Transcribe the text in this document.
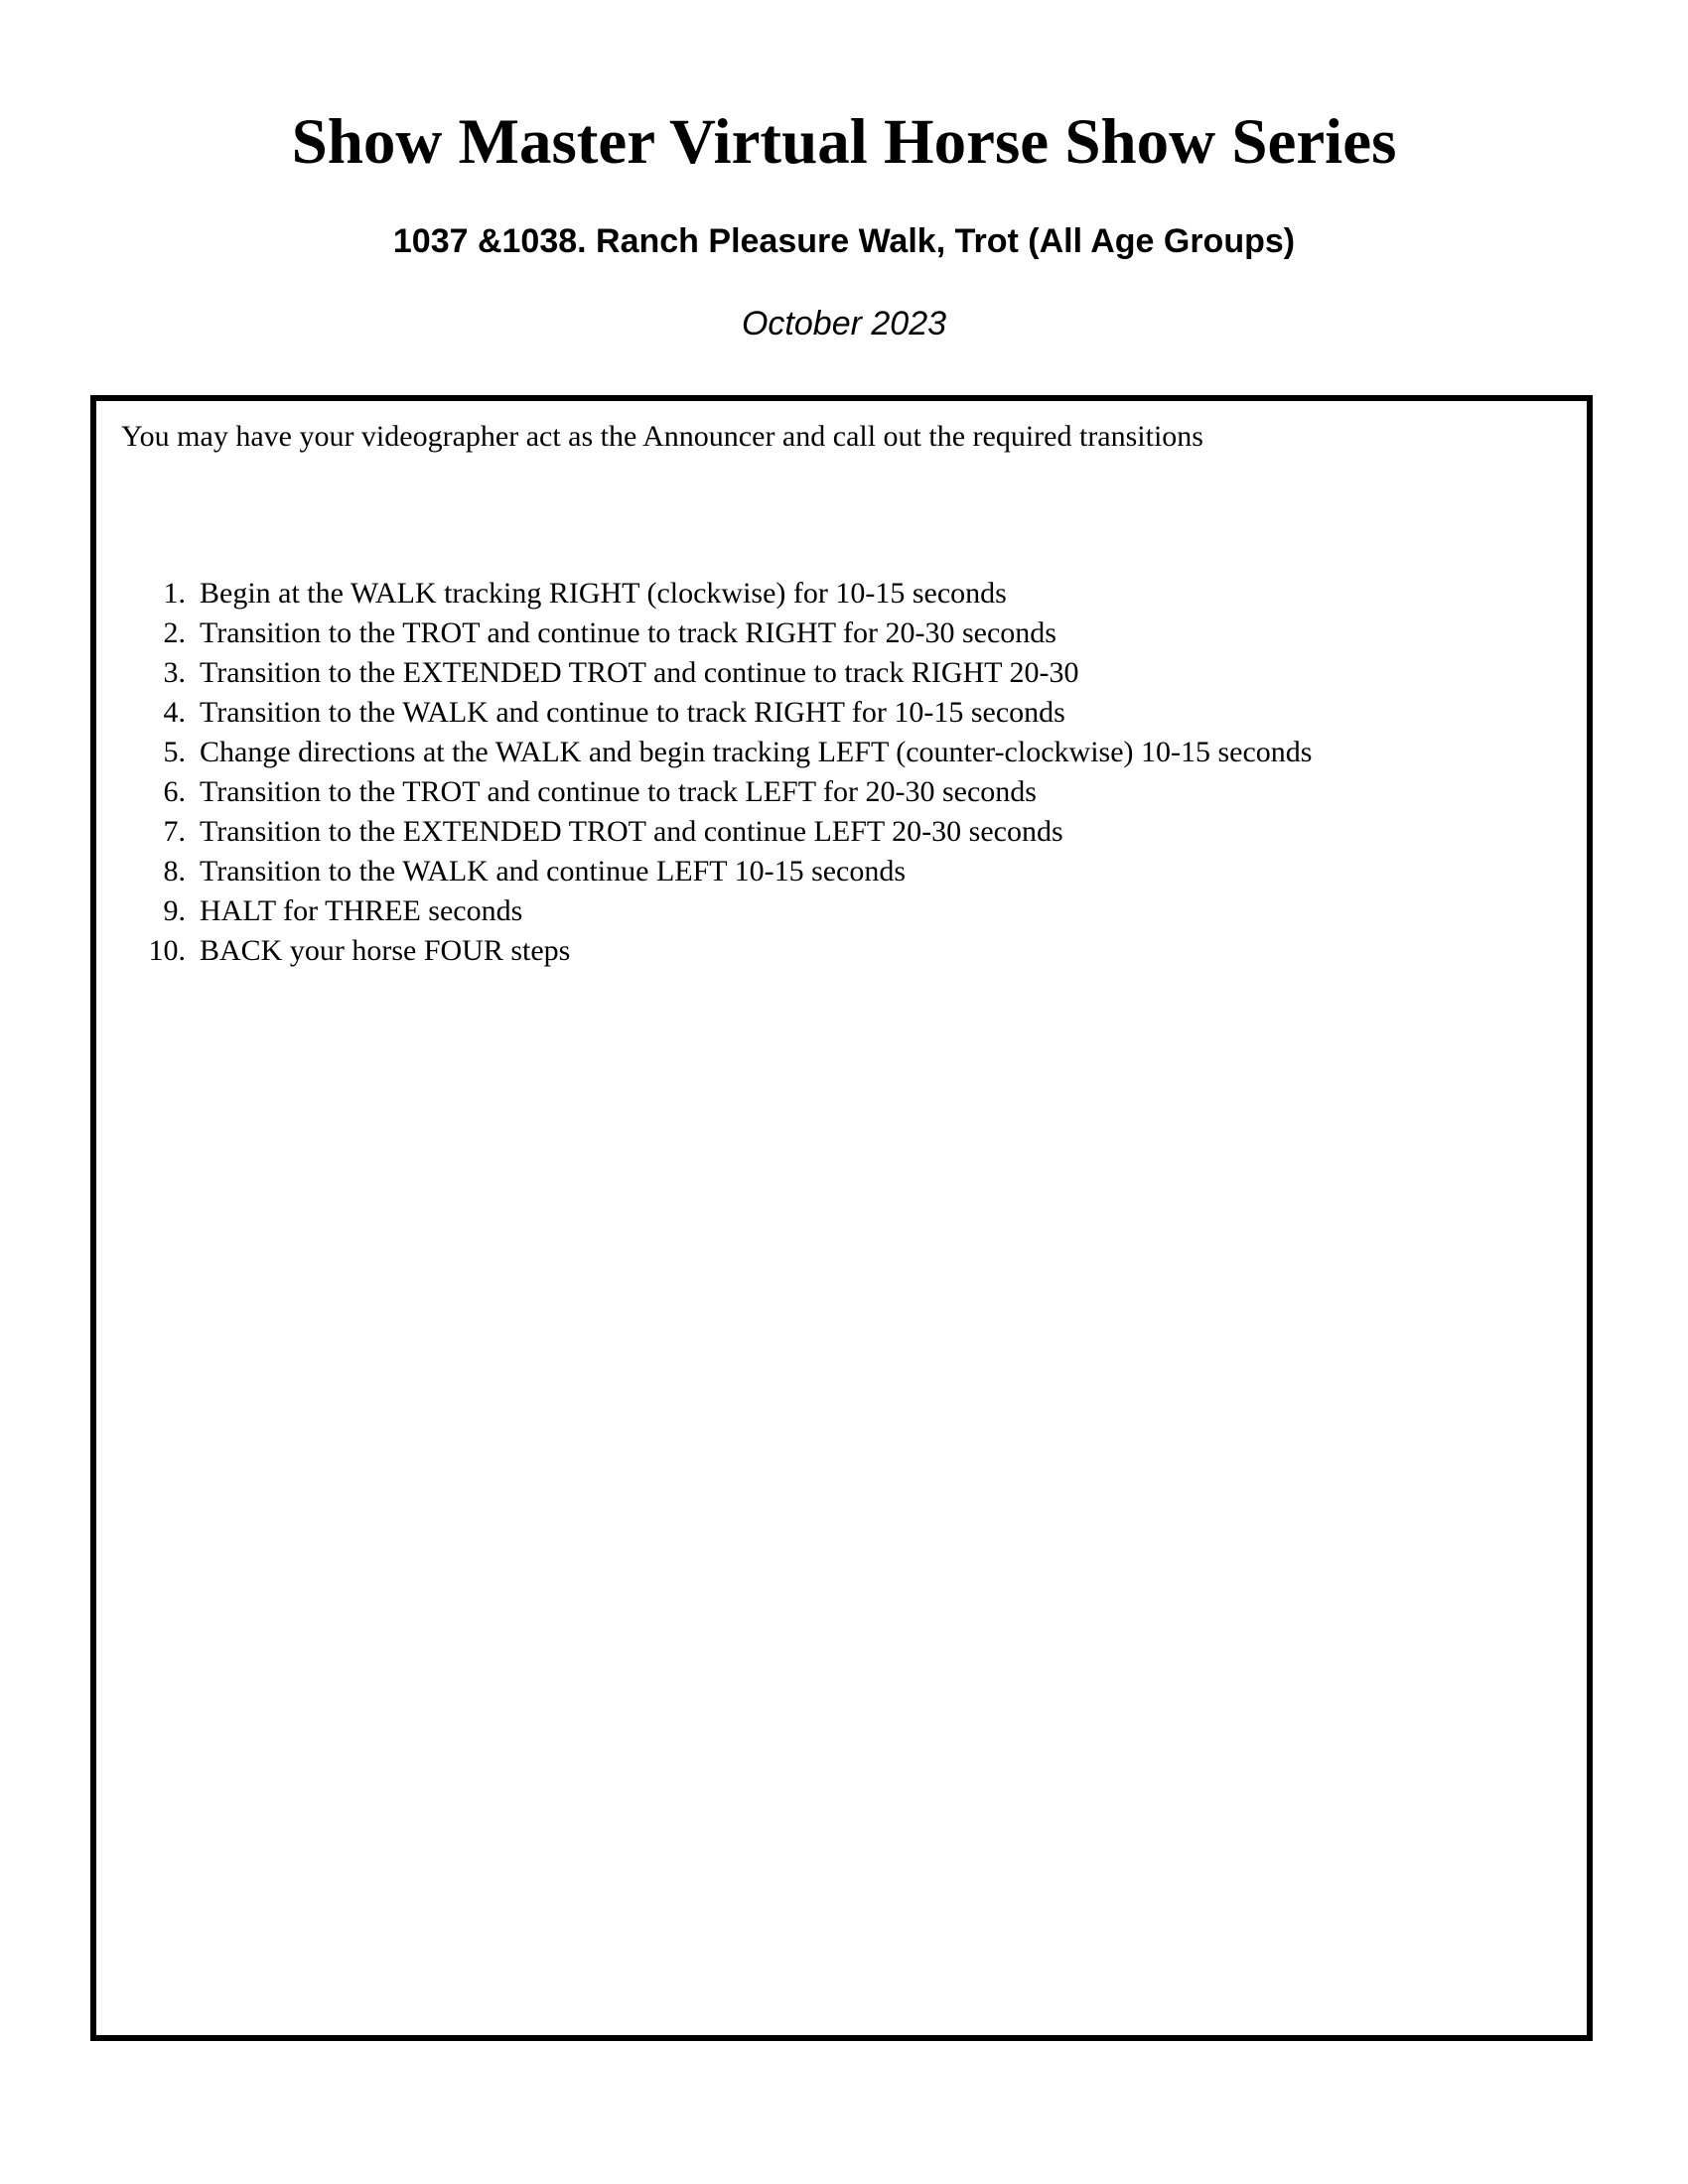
Show Master Virtual Horse Show Series
1037 &1038. Ranch Pleasure Walk, Trot (All Age Groups)

October 2023

You may have your videographer act as the Announcer and call out the required transitions

1. Begin at the WALK tracking RIGHT (clockwise) for 10-15 seconds
2. Transition to the TROT and continue to track RIGHT for 20-30 seconds
3. Transition to the EXTENDED TROT and continue to track RIGHT 20-30
4. Transition to the WALK and continue to track RIGHT for 10-15 seconds
5. Change directions at the WALK and begin tracking LEFT (counter-clockwise) 10-15 seconds
6. Transition to the TROT and continue to track LEFT for 20-30 seconds
7. Transition to the EXTENDED TROT and continue LEFT 20-30 seconds
8. Transition to the WALK and continue LEFT 10-15 seconds
9. HALT for THREE seconds
10. BACK your horse FOUR steps
